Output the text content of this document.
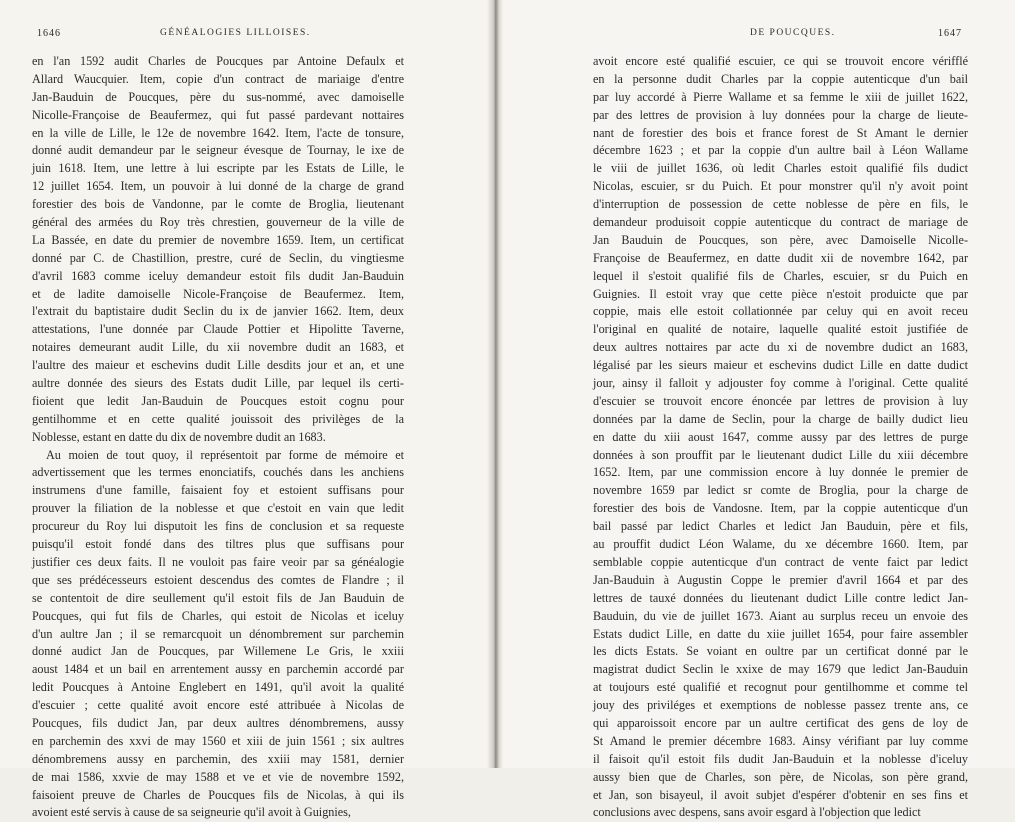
1646	GÉNÉALOGIES LILLOISES.
en l'an 1592 audit Charles de Poucques par Antoine Defaulx et
Allard Waucquier. Item, copie d'un contract de mariaige d'entre
Jan-Bauduin de Poucques, père du sus-nommé, avec damoiselle
Nicolle-Françoise de Beaufermez, qui fut passé pardevant nottaires
en la ville de Lille, le 12e de novembre 1642. Item, l'acte de tonsure,
donné audit demandeur par le seigneur évesque de Tournay, le ixe de
juin 1618. Item, une lettre à lui escripte par les Estats de Lille, le
12 juillet 1654. Item, un pouvoir à lui donné de la charge de grand
forestier des bois de Vandonne, par le comte de Broglia, lieutenant
général des armées du Roy très chrestien, gouverneur de la ville de
La Bassée, en date du premier de novembre 1659. Item, un certificat
donné par C. de Chastillion, prestre, curé de Seclin, du vingtiesme
d'avril 1683 comme iceluy demandeur estoit fils dudit Jan-Bauduin
et de ladite damoiselle Nicole-Françoise de Beaufermez. Item,
l'extrait du baptistaire dudit Seclin du ix de janvier 1662. Item, deux
attestations, l'une donnée par Claude Pottier et Hipolitte Taverne,
notaires demeurant audit Lille, du xii novembre dudit an 1683, et
l'aultre des maieur et eschevins dudit Lille desdits jour et an, et une
aultre donnée des sieurs des Estats dudit Lille, par lequel ils certi-
fioient que ledit Jan-Bauduin de Poucques estoit cognu pour
gentilhomme et en cette qualité jouissoit des privilèges de la
Noblesse, estant en datte du dix de novembre dudit an 1683.
Au moien de tout quoy, il représentoit par forme de mémoire et
advertissement que les termes enonciatifs, couchés dans les anchiens
instrumens d'une famille, faisaient foy et estoient suffisans pour
prouver la filiation de la noblesse et que c'estoit en vain que ledit
procureur du Roy lui disputoit les fins de conclusion et sa requeste
puisqu'il estoit fondé dans des tiltres plus que suffisans pour
justifier ces deux faits. Il ne vouloit pas faire veoir par sa généalogie
que ses prédécesseurs estoient descendus des comtes de Flandre ; il
se contentoit de dire seullement qu'il estoit fils de Jan Bauduin de
Poucques, qui fut fils de Charles, qui estoit de Nicolas et iceluy
d'un aultre Jan ; il se remarcquoit un dénombrement sur parchemin
donné audict Jan de Poucques, par Willemene Le Gris, le xxiii
aoust 1484 et un bail en arrentement aussy en parchemin accordé par
ledit Poucques à Antoine Englebert en 1491, qu'il avoit la qualité
d'escuier ; cette qualité avoit encore esté attribuée à Nicolas de
Poucques, fils dudict Jan, par deux aultres dénombremens, aussy
en parchemin des xxvi de may 1560 et xiii de juin 1561 ; six aultres
dénombremens aussy en parchemin, des xxiii may 1581, dernier
de mai 1586, xxvie de may 1588 et ve et vie de novembre 1592,
faisoient preuve de Charles de Poucques fils de Nicolas, à qui ils
avoient esté servis à cause de sa seigneurie qu'il avoit à Guignies,
DE POUCQUES.	1647
avoit encore esté qualifié escuier, ce qui se trouvoit encore vérifflé
en la personne dudit Charles par la coppie autenticque d'un bail
par luy accordé à Pierre Wallame et sa femme le xiii de juillet 1622,
par des lettres de provision à luy données pour la charge de lieute-
nant de forestier des bois et france forest de St Amant le dernier
décembre 1623 ; et par la coppie d'un aultre bail à Léon Wallame
le viii de juillet 1636, où ledit Charles estoit qualifié fils dudict
Nicolas, escuier, sr du Puich. Et pour monstrer qu'il n'y avoit point
d'interruption de possession de cette noblesse de père en fils, le
demandeur produisoit coppie autenticque du contract de mariage de
Jan Bauduin de Poucques, son père, avec Damoiselle Nicolle-
Françoise de Beaufermez, en datte dudit xii de novembre 1642, par
lequel il s'estoit qualifié fils de Charles, escuier, sr du Puich en
Guignies. Il estoit vray que cette pièce n'estoit produicte que par
coppie, mais elle estoit collationnée par celuy qui en avoit receu
l'original en qualité de notaire, laquelle qualité estoit justifiée de
deux aultres nottaires par acte du xi de novembre dudict an 1683,
légalisé par les sieurs maieur et eschevins dudict Lille en datte dudict
jour, ainsy il falloit y adjouster foy comme à l'original. Cette qualité
d'escuier se trouvoit encore énoncée par lettres de provision à luy
données par la dame de Seclin, pour la charge de bailly dudict lieu
en datte du xiii aoust 1647, comme aussy par des lettres de purge
données à son prouffit par le lieutenant dudict Lille du xiii décembre
1652. Item, par une commission encore à luy donnée le premier de
novembre 1659 par ledict sr comte de Broglia, pour la charge de
forestier des bois de Vandosne. Item, par la coppie autenticque d'un
bail passé par ledict Charles et ledict Jan Bauduin, père et fils,
au prouffit dudict Léon Walame, du xe décembre 1660. Item, par
semblable coppie autenticque d'un contract de vente faict par ledict
Jan-Bauduin à Augustin Coppe le premier d'avril 1664 et par des
lettres de tauxé données du lieutenant dudict Lille contre ledict Jan-
Bauduin, du vie de juillet 1673. Aiant au surplus receu un envoie des
Estats dudict Lille, en datte du xiie juillet 1654, pour faire assembler
les dicts Estats. Se voiant en oultre par un certificat donné par le
magistrat dudict Seclin le xxixe de may 1679 que ledict Jan-Bauduin
at toujours esté qualifié et recognut pour gentilhomme et comme tel
jouy des priviléges et exemptions de noblesse passez trente ans, ce
qui apparoissoit encore par un aultre certificat des gens de loy de
St Amand le premier décembre 1683. Ainsy vérifiant par luy comme
il faisoit qu'il estoit fils dudit Jan-Bauduin et la noblesse d'iceluy
aussy bien que de Charles, son père, de Nicolas, son père grand,
et Jan, son bisayeul, il avoit subjet d'espérer d'obtenir en ses fins et
conclusions avec despens, sans avoir esgard à l'objection que ledict
